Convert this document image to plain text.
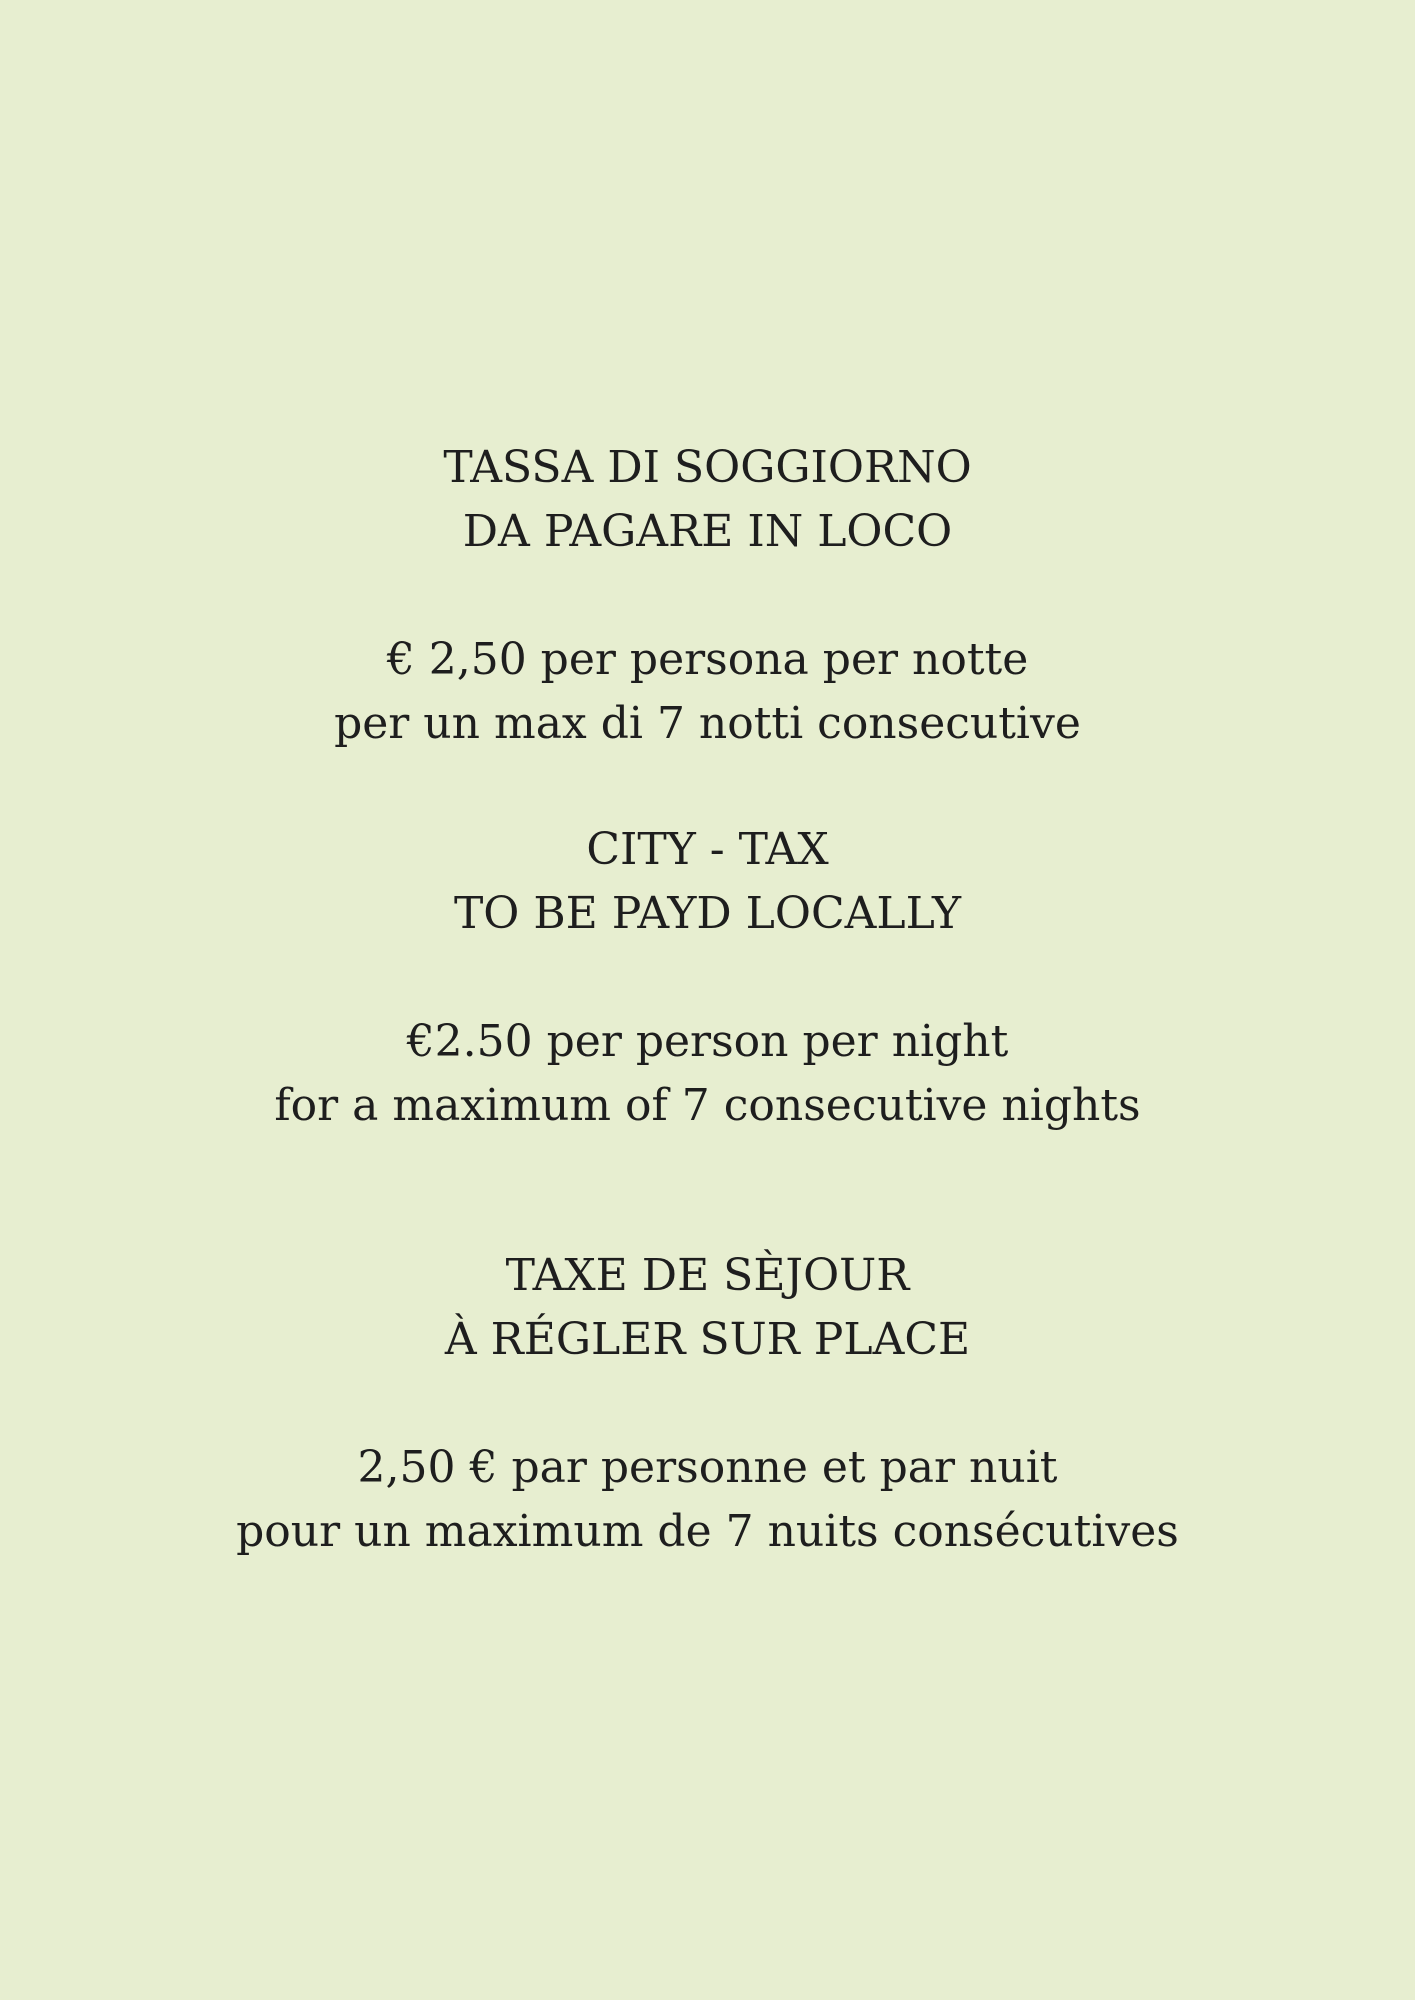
TASSA DI SOGGIORNO
DA PAGARE IN LOCO
€ 2,50 per persona per notte
per un max di 7 notti consecutive
CITY - TAX
TO BE PAYD LOCALLY
€2.50 per person per night
for a maximum of 7 consecutive nights
TAXE DE SÈJOUR
À RÉGLER SUR PLACE
2,50 € par personne et par nuit
pour un maximum de 7 nuits consécutives
